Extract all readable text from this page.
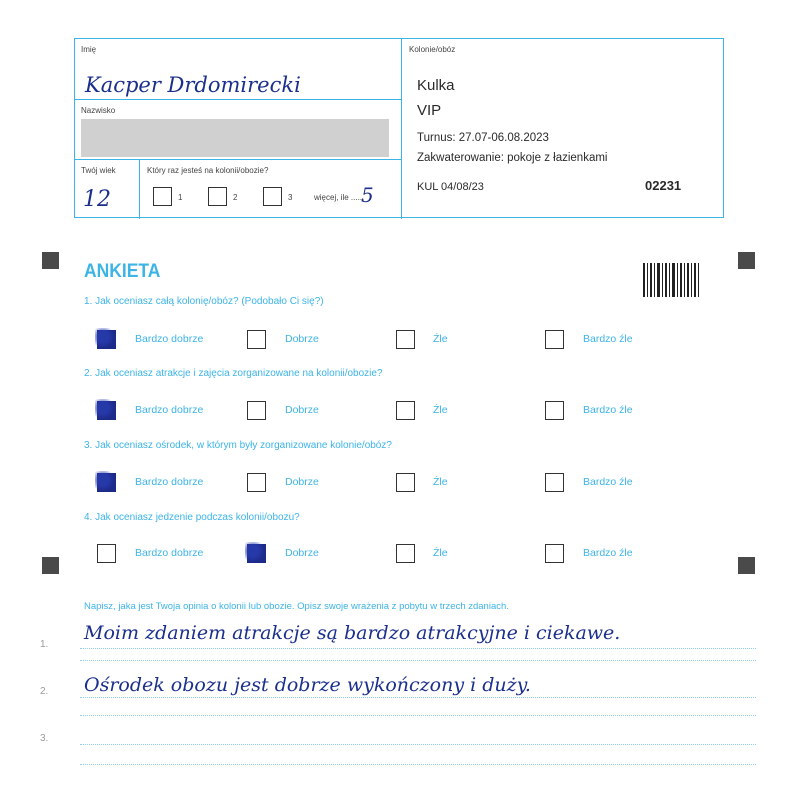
Imię
Kacper Drdomirecki
Nazwisko
Twój wiek
12
Który raz jesteś na kolonii/obozie?
1	2	3	więcej, ile ......
5
Kolonie/obóz
Kulka
VIP
Turnus: 27.07-06.08.2023
Zakwaterowanie: pokoje z łazienkami
KUL 04/08/23	02231
ANKIETA
1. Jak oceniasz całą kolonię/obóz? (Podobało Ci się?)
Bardzo dobrze	Dobrze	Źle	Bardzo źle
2. Jak oceniasz atrakcje i zajęcia zorganizowane na kolonii/obozie?
Bardzo dobrze	Dobrze	Źle	Bardzo źle
3. Jak oceniasz ośrodek, w którym były zorganizowane kolonie/obóz?
Bardzo dobrze	Dobrze	Źle	Bardzo źle
4. Jak oceniasz jedzenie podczas kolonii/obozu?
Bardzo dobrze	Dobrze	Źle	Bardzo źle
Napisz, jaka jest Twoja opinia o kolonii lub obozie. Opisz swoje wrażenia z pobytu w trzech zdaniach.
1.
Moim zdaniem atrakcje są bardzo atrakcyjne i ciekawe.
2. Ośrodek obozu jest dobrze wykończony i duży.
3.
